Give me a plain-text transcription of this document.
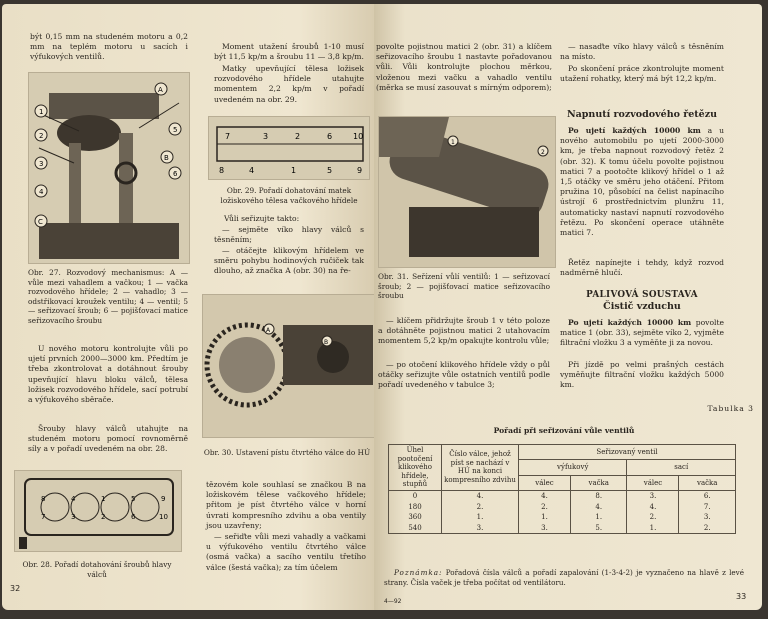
být 0,15 mm na studeném motoru a 0,2 mm na teplém motoru u sacích i výfukových ventilů.

A
B
C
1
2
3
4
5
6

Obr. 27. Rozvodový mechanismus: A — vůle mezi vahadlem a vačkou; 1 — vačka rozvodového hřídele; 2 — vahadlo; 3 — odstřikovací kroužek ventilu; 4 — ventil; 5 — seřizovací šroub; 6 — pojišťovací matice seřizovacího šroubu

U nového motoru kontrolujte vůli po ujetí prvních 2000—3000 km. Předtím je třeba zkontrolovat a dotáhnout šrouby upevňující hlavu bloku válců, tělesa ložisek rozvodového hřídele, sací potrubí a výfukového sběrače.

Šrouby hlavy válců utahujte na studeném motoru pomocí rovnoměrně síly a v pořadí uvedeném na obr. 28.

8	4	1	5	9
7	3	2	6	10

Obr. 28. Pořadí dotahování šroubů hlavy válců

32

Moment utažení šroubů 1-10 musí být 11,5 kp/m a šroubu 11 — 3,8 kp/m.

Matky upevňující tělesa ložisek rozvodového hřídele utahujte momentem 2,2 kp/m v pořadí uvedeném na obr. 29.

7	3	2	6	10
8	4	1	5	9

Obr. 29. Pořadí dohatování matek ložiskového tělesa vačkového hřídele

Vůli seřizujte takto:

— sejměte víko hlavy válců s těsněním;

— otáčejte klikovým hřídelem ve směru pohybu hodinových ručiček tak dlouho, až značka A (obr. 30) na ře-

A
B

Obr. 30. Ustavení pístu čtvrtého válce do HÚ

tězovém kole souhlasí se značkou B na ložiskovém tělese vačkového hřídele; přitom je píst čtvrtého válce v horní úvrati kompresního zdvihu a oba ventily jsou uzavřeny;

— seřiďte vůli mezi vahadly a vačkami u výfukového ventilu čtvrtého válce (osmá vačka) a sacího ventilu třetího válce (šestá vačka); za tím účelem

povolte pojistnou matici 2 (obr. 31) a klíčem seřizovacího šroubu 1 nastavte pořadovanou vůli. Vůli kontrolujte plochou měrkou, vloženou mezi vačku a vahadlo ventilu (měrka se musí zasouvat s mírným odporem);

1
2

Obr. 31. Seřízení vůlí ventilů: 1 — seřizovací šroub; 2 — pojišťovací matice seřizovacího šroubu

— klíčem přidržujte šroub 1 v této poloze a dotáhněte pojistnou matici 2 utahovacím momentem 5,2 kp/m opakujte kontrolu vůle;

— po otočení klikového hřídele vždy o půl otáčky seřizujte vůle ostatních ventilů podle pořadí uvedeného v tabulce 3;

— nasaďte víko hlavy válců s těsněním na místo.

Po skončení práce zkontrolujte moment utažení rohatky, který má být 12,2 kp/m.

Napnutí rozvodového řetězu

Po ujetí každých 10000 km a u nového automobilu po ujetí 2000-3000 km, je třeba napnout rozvodový řetěz 2 (obr. 32). K tomu účelu povolte pojistnou matici 7 a pootočte klikový hřídel o 1 až 1,5 otáčky ve směru jeho otáčení. Přitom pružina 10, působící na čelist napínacího ústrojí 6 prostřednictvím plunžru 11, automaticky nastaví napnutí rozvodového řetězu. Po skončení operace utáhněte matici 7.

Řetěz napínejte i tehdy, když rozvod nadměrně hlučí.

PALIVOVÁ SOUSTAVA

Čistič vzduchu

Po ujetí každých 10000 km povolte matice 1 (obr. 33), sejměte víko 2, vyjměte filtrační vložku 3 a vyměňte ji za novou.

Při jízdě po velmi prašných cestách vyměňujte filtrační vložku každých 5000 km.

Tabulka 3

Pořadí při seřizování vůle ventilů

Úhel pootočení klikového hřídele, stupňů	Číslo válce, jehož píst se nachází v HÚ na konci kompresního zdvihu	Seřizovaný ventil			
		výfukový		sací	
		válec	vačka	válec	vačka
0	4.	4.	8.	3.	6.
180	2.	2.	4.	4.	7.
360	1.	1.	1.	2.	3.
540	3.	3.	5.	1.	2.

Poznámka: Pořadová čísla válců a pořadí zapalování (1-3-4-2) je vyznačeno na hlavě z levé strany. Čísla vaček je třeba počítat od ventilátoru.

4—92
33
